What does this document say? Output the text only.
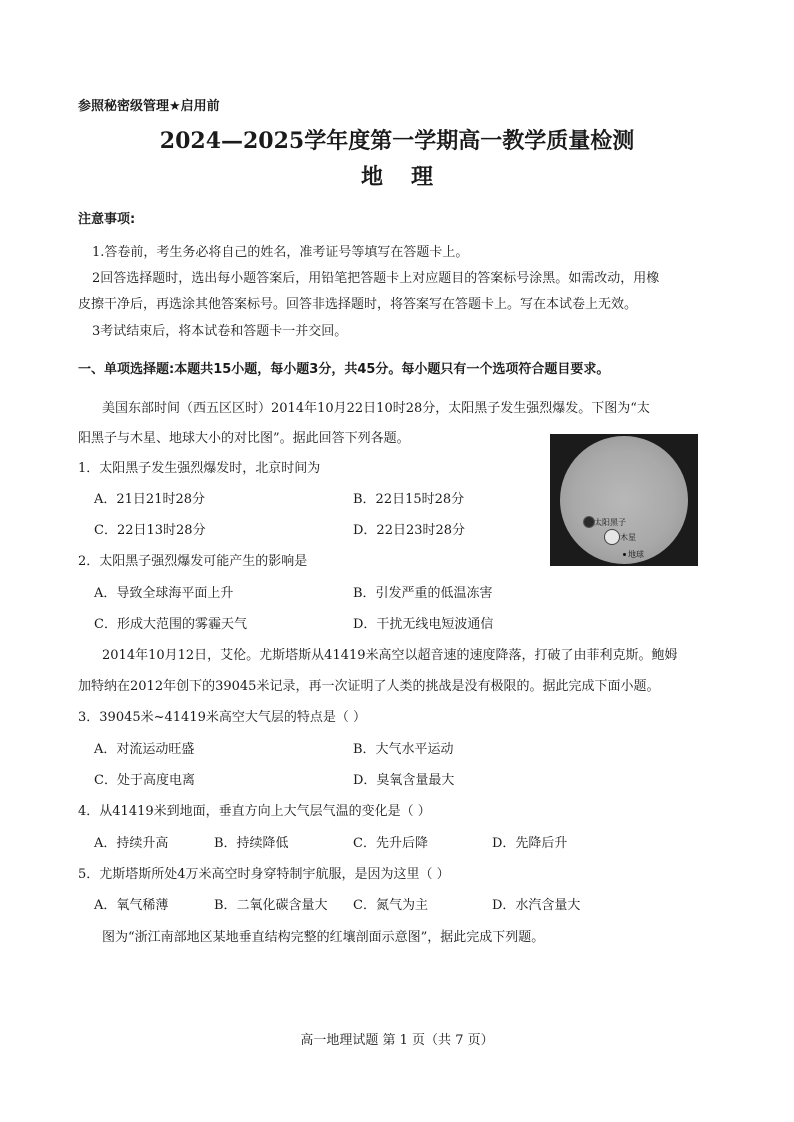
参照秘密级管理★启用前
2024—2025学年度第一学期高一教学质量检测
地理
注意事项:
1.答卷前，考生务必将自己的姓名，准考证号等填写在答题卡上。
2回答选择题时，选出每小题答案后，用铅笔把答题卡上对应题目的答案标号涂黑。如需改动，用橡
皮擦干净后，再选涂其他答案标号。回答非选择题时，将答案写在答题卡上。写在本试卷上无效。
3考试结束后，将本试卷和答题卡一并交回。
一、单项选择题:本题共15小题，每小题3分，共45分。每小题只有一个选项符合题目要求。
美国东部时间（西五区区时）2014年10月22日10时28分，太阳黑子发生强烈爆发。下图为“太
阳黑子与木星、地球大小的对比图”。据此回答下列各题。
太阳黑子
木星
地球
1．太阳黑子发生强烈爆发时，北京时间为
A．21日21时28分	B．22日15时28分
C．22日13时28分	D．22日23时28分
2．太阳黑子强烈爆发可能产生的影响是
A．导致全球海平面上升	B．引发严重的低温冻害
C．形成大范围的雾霾天气	D．干扰无线电短波通信
2014年10月12日，艾伦。尤斯塔斯从41419米高空以超音速的速度降落，打破了由菲利克斯。鲍姆
加特纳在2012年创下的39045米记录，再一次证明了人类的挑战是没有极限的。据此完成下面小题。
3．39045米~41419米高空大气层的特点是（ ）
A．对流运动旺盛	B．大气水平运动
C．处于高度电离	D．臭氧含量最大
4．从41419米到地面，垂直方向上大气层气温的变化是（ ）
A．持续升高	B．持续降低	C．先升后降	D．先降后升
5．尤斯塔斯所处4万米高空时身穿特制宇航服，是因为这里（ ）
A．氧气稀薄	B．二氧化碳含量大 C．氮气为主	D．水汽含量大
图为“浙江南部地区某地垂直结构完整的红壤剖面示意图”，据此完成下列题。
高一地理试题 第 1 页（共 7 页）
